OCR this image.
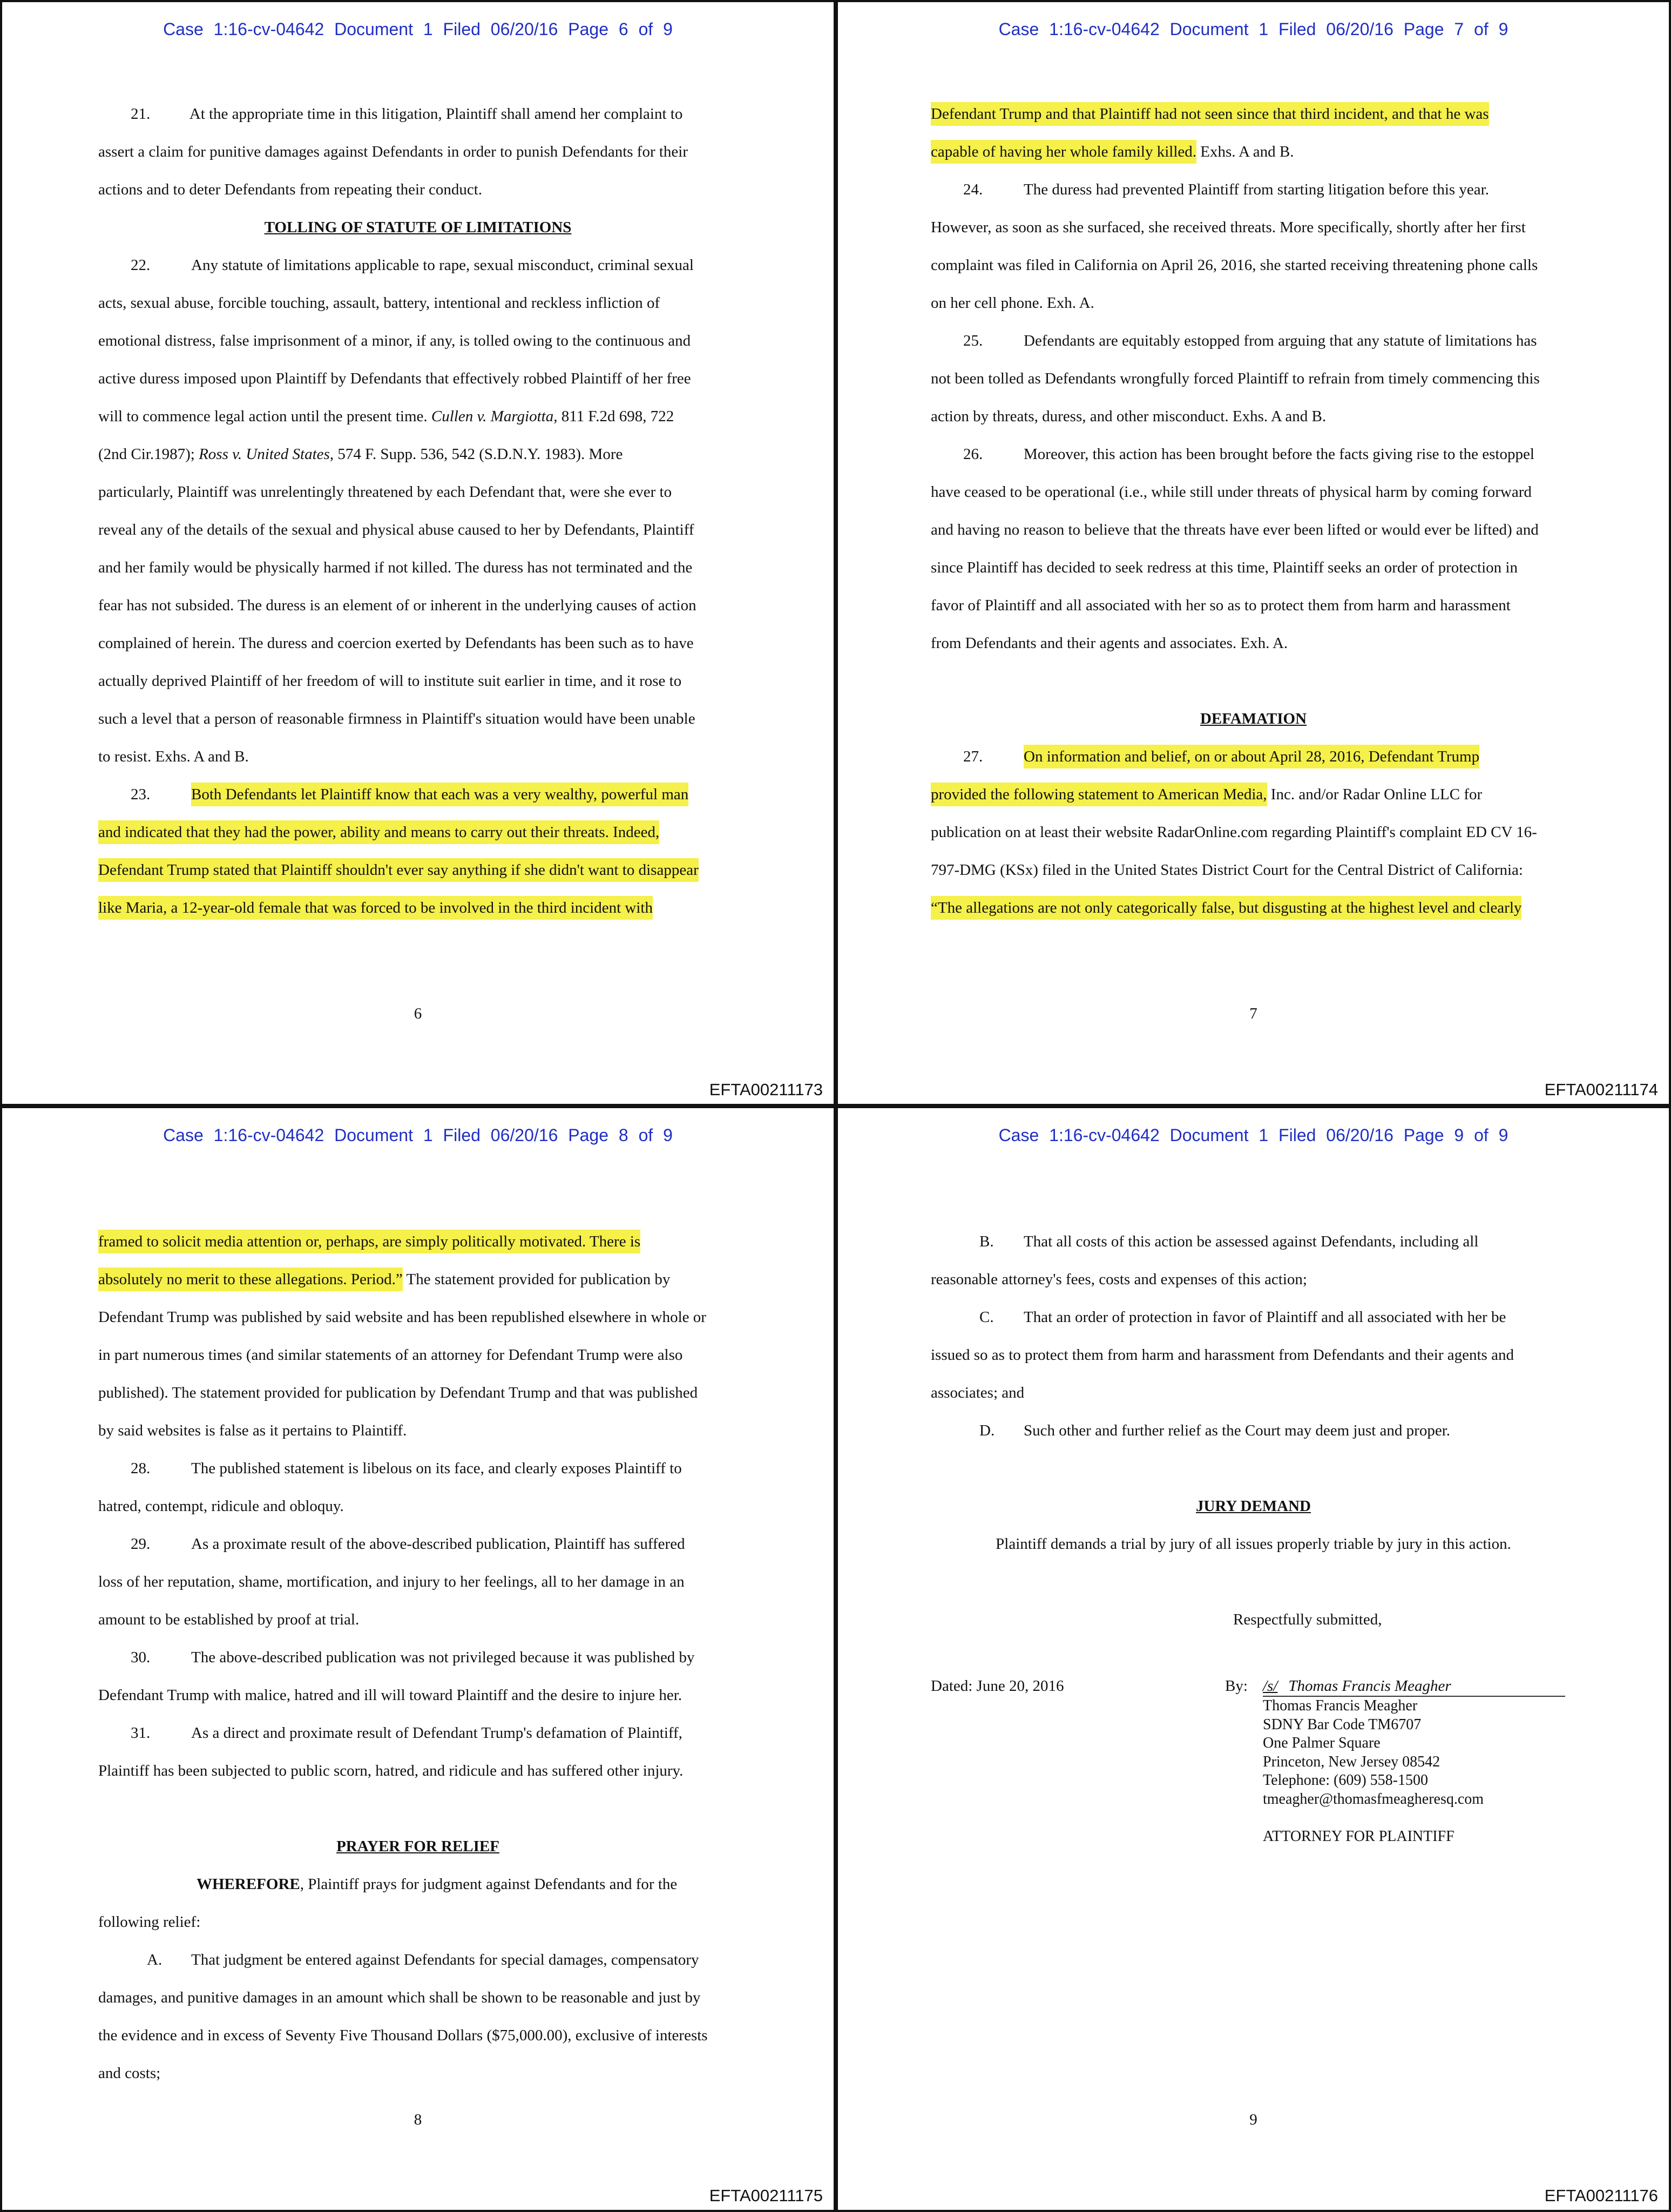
Case 1:16-cv-04642 Document 1 Filed 06/20/16 Page 6 of 9
21.          At the appropriate time in this litigation, Plaintiff shall amend her complaint to
assert a claim for punitive damages against Defendants in order to punish Defendants for their
actions and to deter Defendants from repeating their conduct.
TOLLING OF STATUTE OF LIMITATIONS
22.	Any statute of limitations applicable to rape, sexual misconduct, criminal sexual
acts, sexual abuse, forcible touching, assault, battery, intentional and reckless infliction of
emotional distress, false imprisonment of a minor, if any, is tolled owing to the continuous and
active duress imposed upon Plaintiff by Defendants that effectively robbed Plaintiff of her free
will to commence legal action until the present time. Cullen v. Margiotta, 811 F.2d 698, 722
(2nd Cir.1987); Ross v. United States, 574 F. Supp. 536, 542 (S.D.N.Y. 1983). More
particularly, Plaintiff was unrelentingly threatened by each Defendant that, were she ever to
reveal any of the details of the sexual and physical abuse caused to her by Defendants, Plaintiff
and her family would be physically harmed if not killed. The duress has not terminated and the
fear has not subsided. The duress is an element of or inherent in the underlying causes of action
complained of herein. The duress and coercion exerted by Defendants has been such as to have
actually deprived Plaintiff of her freedom of will to institute suit earlier in time, and it rose to
such a level that a person of reasonable firmness in Plaintiff's situation would have been unable
to resist. Exhs. A and B.
23.	Both Defendants let Plaintiff know that each was a very wealthy, powerful man
and indicated that they had the power, ability and means to carry out their threats. Indeed,
Defendant Trump stated that Plaintiff shouldn't ever say anything if she didn't want to disappear
like Maria, a 12-year-old female that was forced to be involved in the third incident with
6
EFTA00211173
Case 1:16-cv-04642 Document 1 Filed 06/20/16 Page 7 of 9
Defendant Trump and that Plaintiff had not seen since that third incident, and that he was
capable of having her whole family killed. Exhs. A and B.
24.	The duress had prevented Plaintiff from starting litigation before this year.
However, as soon as she surfaced, she received threats. More specifically, shortly after her first
complaint was filed in California on April 26, 2016, she started receiving threatening phone calls
on her cell phone. Exh. A.
25.	Defendants are equitably estopped from arguing that any statute of limitations has
not been tolled as Defendants wrongfully forced Plaintiff to refrain from timely commencing this
action by threats, duress, and other misconduct. Exhs. A and B.
26.	Moreover, this action has been brought before the facts giving rise to the estoppel
have ceased to be operational (i.e., while still under threats of physical harm by coming forward
and having no reason to believe that the threats have ever been lifted or would ever be lifted) and
since Plaintiff has decided to seek redress at this time, Plaintiff seeks an order of protection in
favor of Plaintiff and all associated with her so as to protect them from harm and harassment
from Defendants and their agents and associates. Exh. A.
DEFAMATION
27.	On information and belief, on or about April 28, 2016, Defendant Trump
provided the following statement to American Media, Inc. and/or Radar Online LLC for
publication on at least their website RadarOnline.com regarding Plaintiff's complaint ED CV 16-
797-DMG (KSx) filed in the United States District Court for the Central District of California:
“The allegations are not only categorically false, but disgusting at the highest level and clearly
7
EFTA00211174
Case 1:16-cv-04642 Document 1 Filed 06/20/16 Page 8 of 9
framed to solicit media attention or, perhaps, are simply politically motivated. There is
absolutely no merit to these allegations. Period.” The statement provided for publication by
Defendant Trump was published by said website and has been republished elsewhere in whole or
in part numerous times (and similar statements of an attorney for Defendant Trump were also
published). The statement provided for publication by Defendant Trump and that was published
by said websites is false as it pertains to Plaintiff.
28.	The published statement is libelous on its face, and clearly exposes Plaintiff to
hatred, contempt, ridicule and obloquy.
29.	As a proximate result of the above-described publication, Plaintiff has suffered
loss of her reputation, shame, mortification, and injury to her feelings, all to her damage in an
amount to be established by proof at trial.
30.	The above-described publication was not privileged because it was published by
Defendant Trump with malice, hatred and ill will toward Plaintiff and the desire to injure her.
31.	As a direct and proximate result of Defendant Trump's defamation of Plaintiff,
Plaintiff has been subjected to public scorn, hatred, and ridicule and has suffered other injury.
PRAYER FOR RELIEF
WHEREFORE, Plaintiff prays for judgment against Defendants and for the
following relief:
A. That judgment be entered against Defendants for special damages, compensatory
damages, and punitive damages in an amount which shall be shown to be reasonable and just by
the evidence and in excess of Seventy Five Thousand Dollars ($75,000.00), exclusive of interests
and costs;
8
EFTA00211175
Case 1:16-cv-04642 Document 1 Filed 06/20/16 Page 9 of 9
B. That all costs of this action be assessed against Defendants, including all
reasonable attorney's fees, costs and expenses of this action;
C. That an order of protection in favor of Plaintiff and all associated with her be
issued so as to protect them from harm and harassment from Defendants and their agents and
associates; and
D. Such other and further relief as the Court may deem just and proper.
JURY DEMAND
Plaintiff demands a trial by jury of all issues properly triable by jury in this action.
Respectfully submitted,
Dated: June 20, 2016	By: /s/ Thomas Francis Meagher
Thomas Francis Meagher
SDNY Bar Code TM6707
One Palmer Square
Princeton, New Jersey 08542
Telephone: (609) 558-1500
tmeagher@thomasfmeagheresq.com
ATTORNEY FOR PLAINTIFF
9
EFTA00211176
